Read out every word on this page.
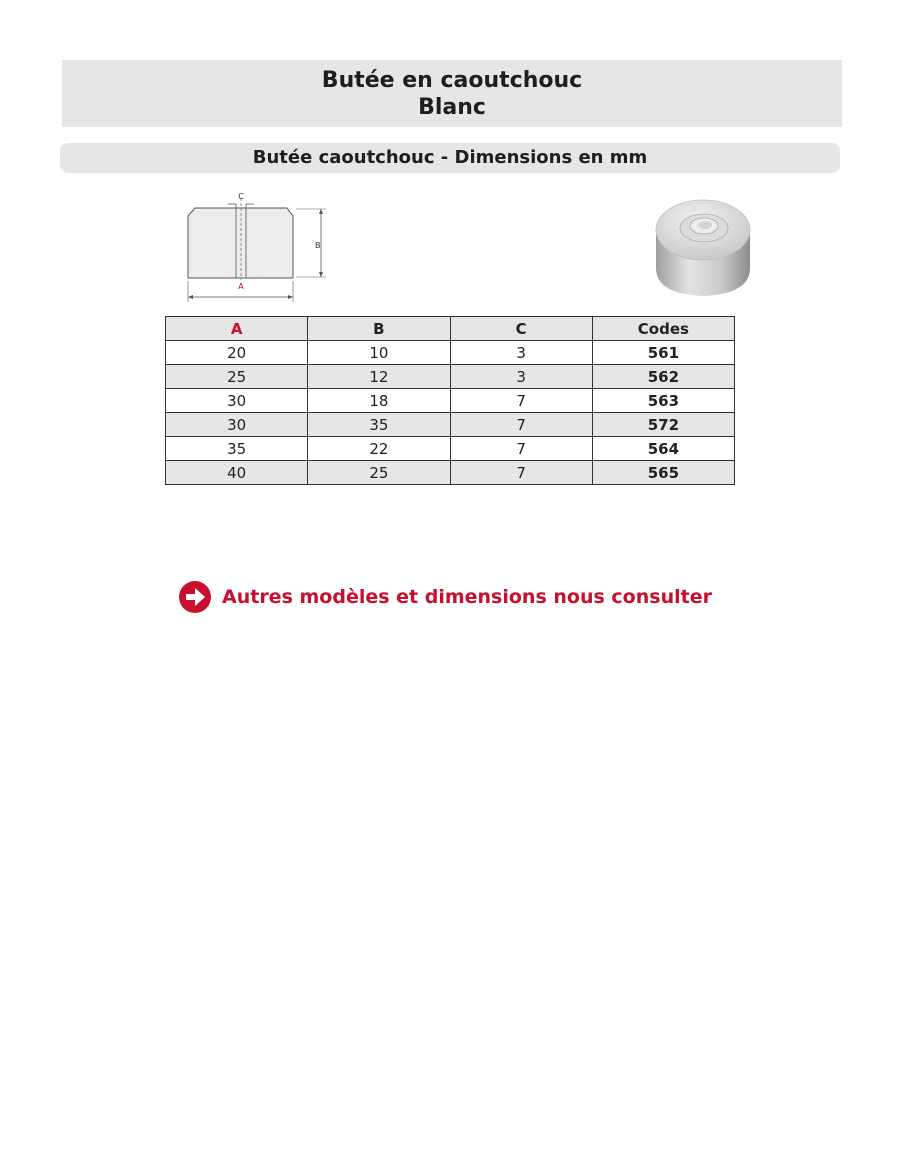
Butée en caoutchouc
Blanc
Butée caoutchouc - Dimensions en mm
C
B
A
A	B	C	Codes
20	10	3	561
25	12	3	562
30	18	7	563
30	35	7	572
35	22	7	564
40	25	7	565
Autres modèles et dimensions nous consulter
